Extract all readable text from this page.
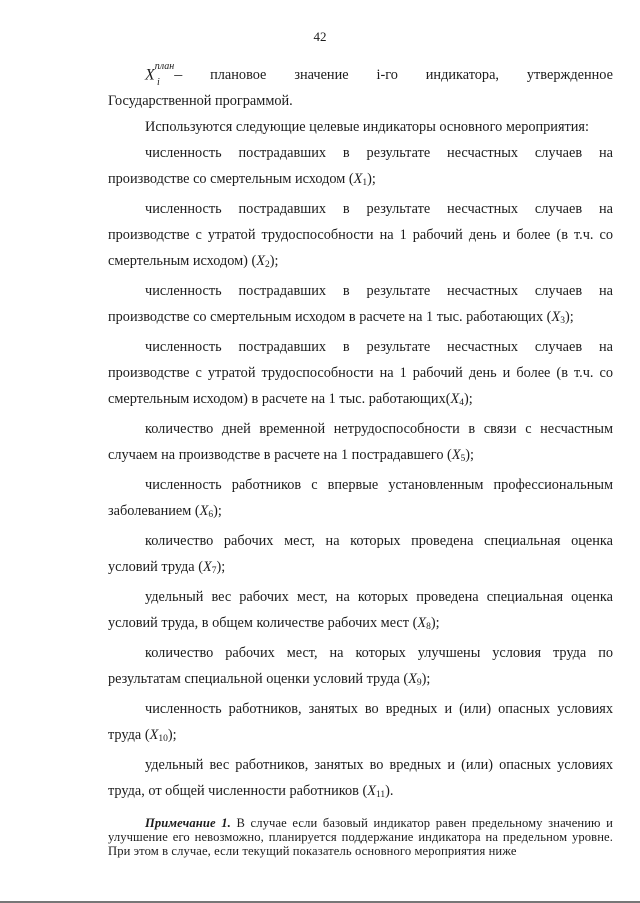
42
X i
$^{план}$– плановое значение i-го индикатора, утвержденное
Государственной программой.

Используются следующие целевые индикаторы основного мероприятия:

численность пострадавших в результате несчастных случаев на производстве со смертельным исходом $(X_1)$;

численность пострадавших в результате несчастных случаев на производстве с утратой трудоспособности на 1 рабочий день и более (в т.ч. со смертельным исходом) $(X_2)$;

численность пострадавших в результате несчастных случаев на производстве со смертельным исходом в расчете на 1 тыс. работающих $(X_3)$;

численность пострадавших в результате несчастных случаев на производстве с утратой трудоспособности на 1 рабочий день и более (в т.ч. со смертельным исходом) в расчете на 1 тыс. $работающих(X_4)$;

количество дней временной нетрудоспособности в связи с несчастным случаем на производстве в расчете на 1 пострадавшего $(X_5)$;

численность работников с впервые установленным профессиональным заболеванием $(X_6)$;

количество рабочих мест, на которых проведена специальная оценка условий труда $(X_7)$;

удельный вес рабочих мест, на которых проведена специальная оценка условий труда, в общем количестве рабочих мест $(X_8)$;

количество рабочих мест, на которых улучшены условия труда по результатам специальной оценки условий труда $(X_9)$;

численность работников, занятых во вредных и (или) опасных условиях труда $(X_{10})$;

удельный вес работников, занятых во вредных и (или) опасных условиях труда, от общей численности работников $(X_{11})$.

Примечание 1. В случае если базовый индикатор равен предельному значению и улучшение его невозможно, планируется поддержание индикатора на предельном уровне. При этом в случае, если текущий показатель основного мероприятия ниже
